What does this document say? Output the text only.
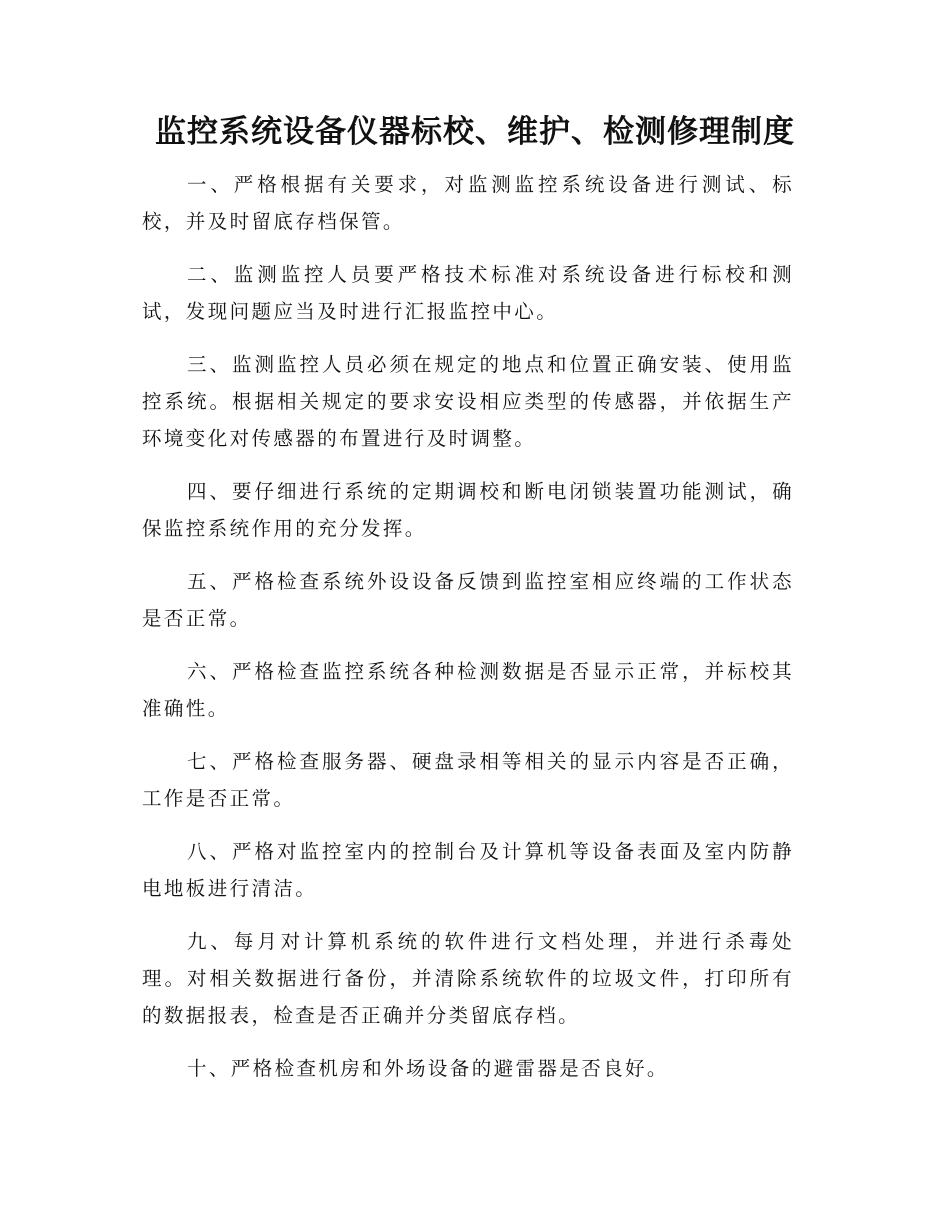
监控系统设备仪器标校、维护、检测修理制度

一、严格根据有关要求，对监测监控系统设备进行测试、标校，并及时留底存档保管。

二、监测监控人员要严格技术标准对系统设备进行标校和测试，发现问题应当及时进行汇报监控中心。

三、监测监控人员必须在规定的地点和位置正确安装、使用监控系统。根据相关规定的要求安设相应类型的传感器，并依据生产环境变化对传感器的布置进行及时调整。

四、要仔细进行系统的定期调校和断电闭锁装置功能测试，确保监控系统作用的充分发挥。

五、严格检查系统外设设备反馈到监控室相应终端的工作状态是否正常。

六、严格检查监控系统各种检测数据是否显示正常，并标校其准确性。

七、严格检查服务器、硬盘录相等相关的显示内容是否正确，工作是否正常。

八、严格对监控室内的控制台及计算机等设备表面及室内防静电地板进行清洁。

九、每月对计算机系统的软件进行文档处理，并进行杀毒处理。对相关数据进行备份，并清除系统软件的垃圾文件，打印所有的数据报表，检查是否正确并分类留底存档。

十、严格检查机房和外场设备的避雷器是否良好。
